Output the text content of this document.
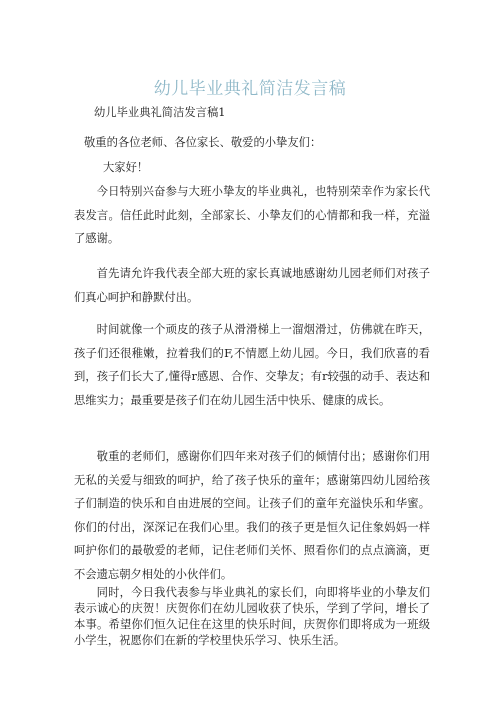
幼儿毕业典礼简洁发言稿
幼儿毕业典礼简洁发言稿1
敬重的各位老师、各位家长、敬爱的小挚友们：
大家好！

今日特别兴奋参与大班小挚友的毕业典礼，也特别荣幸作为家长代表发言。信任此时此刻，全部家长、小挚友们的心情都和我一样，充溢了感谢。

首先请允许我代表全部大班的家长真诚地感谢幼儿园老师们对孩子们真心呵护和静默付出。

时间就像一个顽皮的孩子从滑滑梯上一溜烟滑过，仿佛就在昨天，孩子们还很稚嫩，拉着我们的F,不情愿上幼儿园。今日，我们欣喜的看到，孩子们长大了,懂得r感恩、合作、交挚友；有r较强的动手、表达和思维实力；最重要是孩子们在幼儿园生活中快乐、健康的成长。

敬重的老师们，感谢你们四年来对孩子们的倾情付出；感谢你们用无私的关爱与细致的呵护，给了孩子快乐的童年；感谢第四幼儿园给孩子们制造的快乐和自由进展的空间。让孩子们的童年充溢快乐和华蜜。你们的付出，深深记在我们心里。我们的孩子更是恒久记住象妈妈一样呵护你们的最敬爱的老师，记住老师们关怀、照看你们的点点滴滴，更不会遗忘朝夕相处的小伙伴们。

同时，今日我代表参与毕业典礼的家长们，向即将毕业的小挚友们表示诚心的庆贺！庆贺你们在幼儿园收获了快乐，学到了学问，增长了本事。希望你们恒久记住在这里的快乐时间，庆贺你们即将成为一班级小学生，祝愿你们在新的学校里快乐学习、快乐生活。
